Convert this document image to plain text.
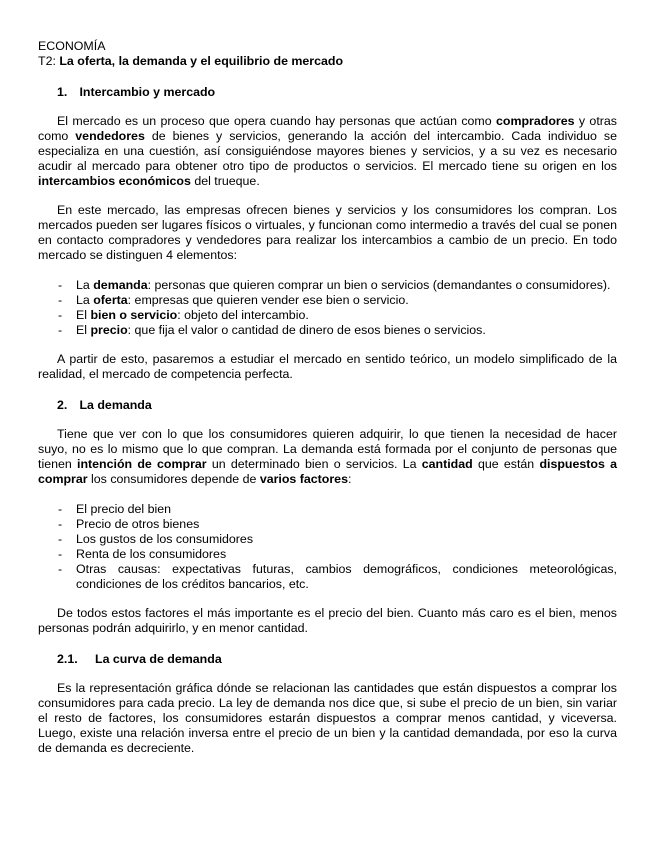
ECONOMÍA
T2: La oferta, la demanda y el equilibrio de mercado
1. Intercambio y mercado

El mercado es un proceso que opera cuando hay personas que actúan como compradores y otras como vendedores de bienes y servicios, generando la acción del intercambio. Cada individuo se especializa en una cuestión, así consiguiéndose mayores bienes y servicios, y a su vez es necesario acudir al mercado para obtener otro tipo de productos o servicios. El mercado tiene su origen en los intercambios económicos del trueque.

En este mercado, las empresas ofrecen bienes y servicios y los consumidores los compran. Los mercados pueden ser lugares físicos o virtuales, y funcionan como intermedio a través del cual se ponen en contacto compradores y vendedores para realizar los intercambios a cambio de un precio. En todo mercado se distinguen 4 elementos:

- La demanda: personas que quieren comprar un bien o servicios (demandantes o consumidores).
- La oferta: empresas que quieren vender ese bien o servicio.
- El bien o servicio: objeto del intercambio.
- El precio: que fija el valor o cantidad de dinero de esos bienes o servicios.

A partir de esto, pasaremos a estudiar el mercado en sentido teórico, un modelo simplificado de la realidad, el mercado de competencia perfecta.

2. La demanda

Tiene que ver con lo que los consumidores quieren adquirir, lo que tienen la necesidad de hacer suyo, no es lo mismo que lo que compran. La demanda está formada por el conjunto de personas que tienen intención de comprar un determinado bien o servicios. La cantidad que están dispuestos a comprar los consumidores depende de varios factores:

- El precio del bien
- Precio de otros bienes
- Los gustos de los consumidores
- Renta de los consumidores
- Otras causas: expectativas futuras, cambios demográficos, condiciones meteorológicas, condiciones de los créditos bancarios, etc.

De todos estos factores el más importante es el precio del bien. Cuanto más caro es el bien, menos personas podrán adquirirlo, y en menor cantidad.

2.1. La curva de demanda

Es la representación gráfica dónde se relacionan las cantidades que están dispuestos a comprar los consumidores para cada precio. La ley de demanda nos dice que, si sube el precio de un bien, sin variar el resto de factores, los consumidores estarán dispuestos a comprar menos cantidad, y viceversa. Luego, existe una relación inversa entre el precio de un bien y la cantidad demandada, por eso la curva de demanda es decreciente.
